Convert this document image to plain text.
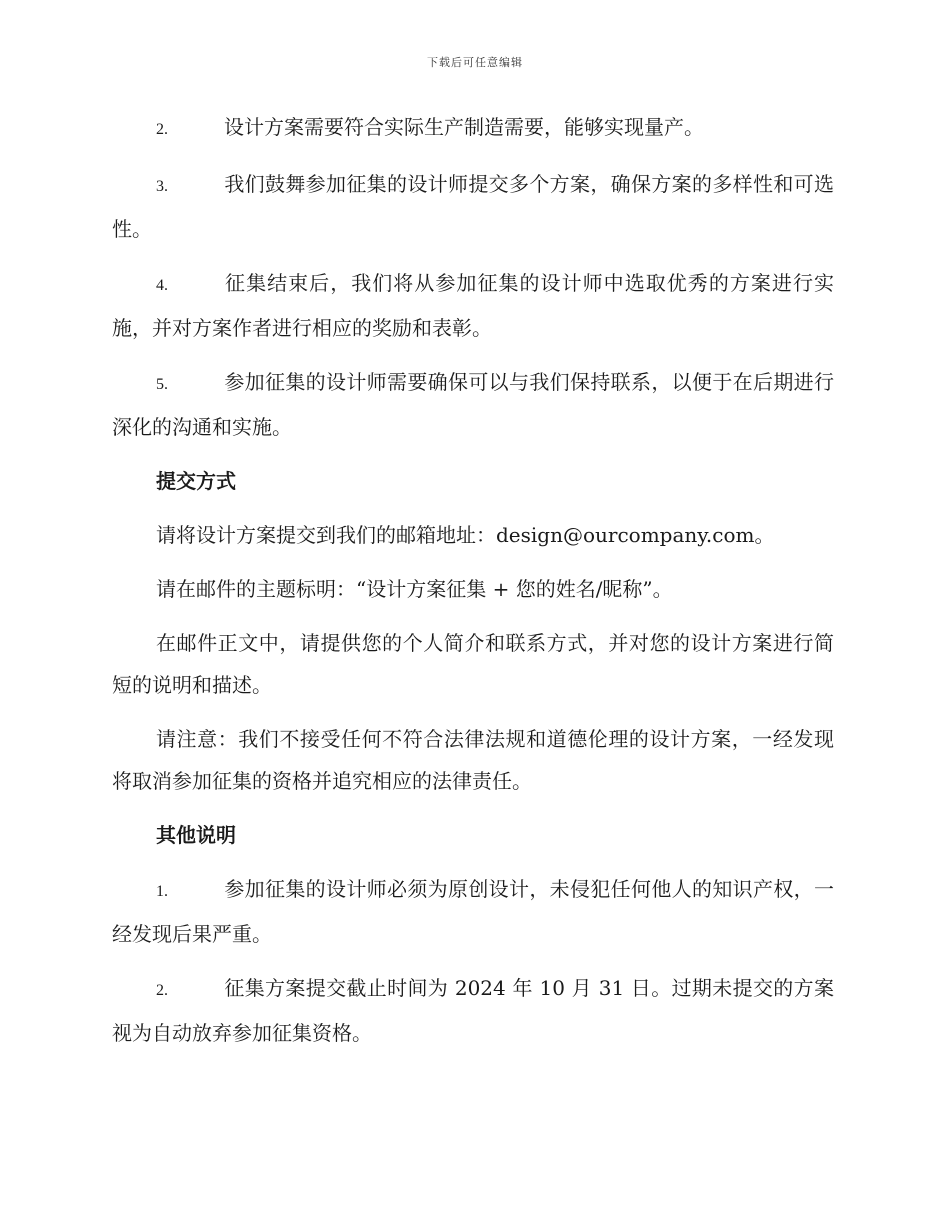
下载后可任意编辑

2.	设计方案需要符合实际生产制造需要，能够实现量产。

3.	我们鼓舞参加征集的设计师提交多个方案，确保方案的多样性和可选性。

4.	征集结束后，我们将从参加征集的设计师中选取优秀的方案进行实施，并对方案作者进行相应的奖励和表彰。

5.	参加征集的设计师需要确保可以与我们保持联系，以便于在后期进行深化的沟通和实施。

提交方式

请将设计方案提交到我们的邮箱地址：design@ourcompany.com。

请在邮件的主题标明：“设计方案征集 + 您的姓名/昵称”。

在邮件正文中，请提供您的个人简介和联系方式，并对您的设计方案进行简短的说明和描述。

请注意：我们不接受任何不符合法律法规和道德伦理的设计方案，一经发现将取消参加征集的资格并追究相应的法律责任。

其他说明

1.	参加征集的设计师必须为原创设计，未侵犯任何他人的知识产权，一经发现后果严重。

2.	征集方案提交截止时间为 2024 年 10 月 31 日。过期未提交的方案视为自动放弃参加征集资格。
